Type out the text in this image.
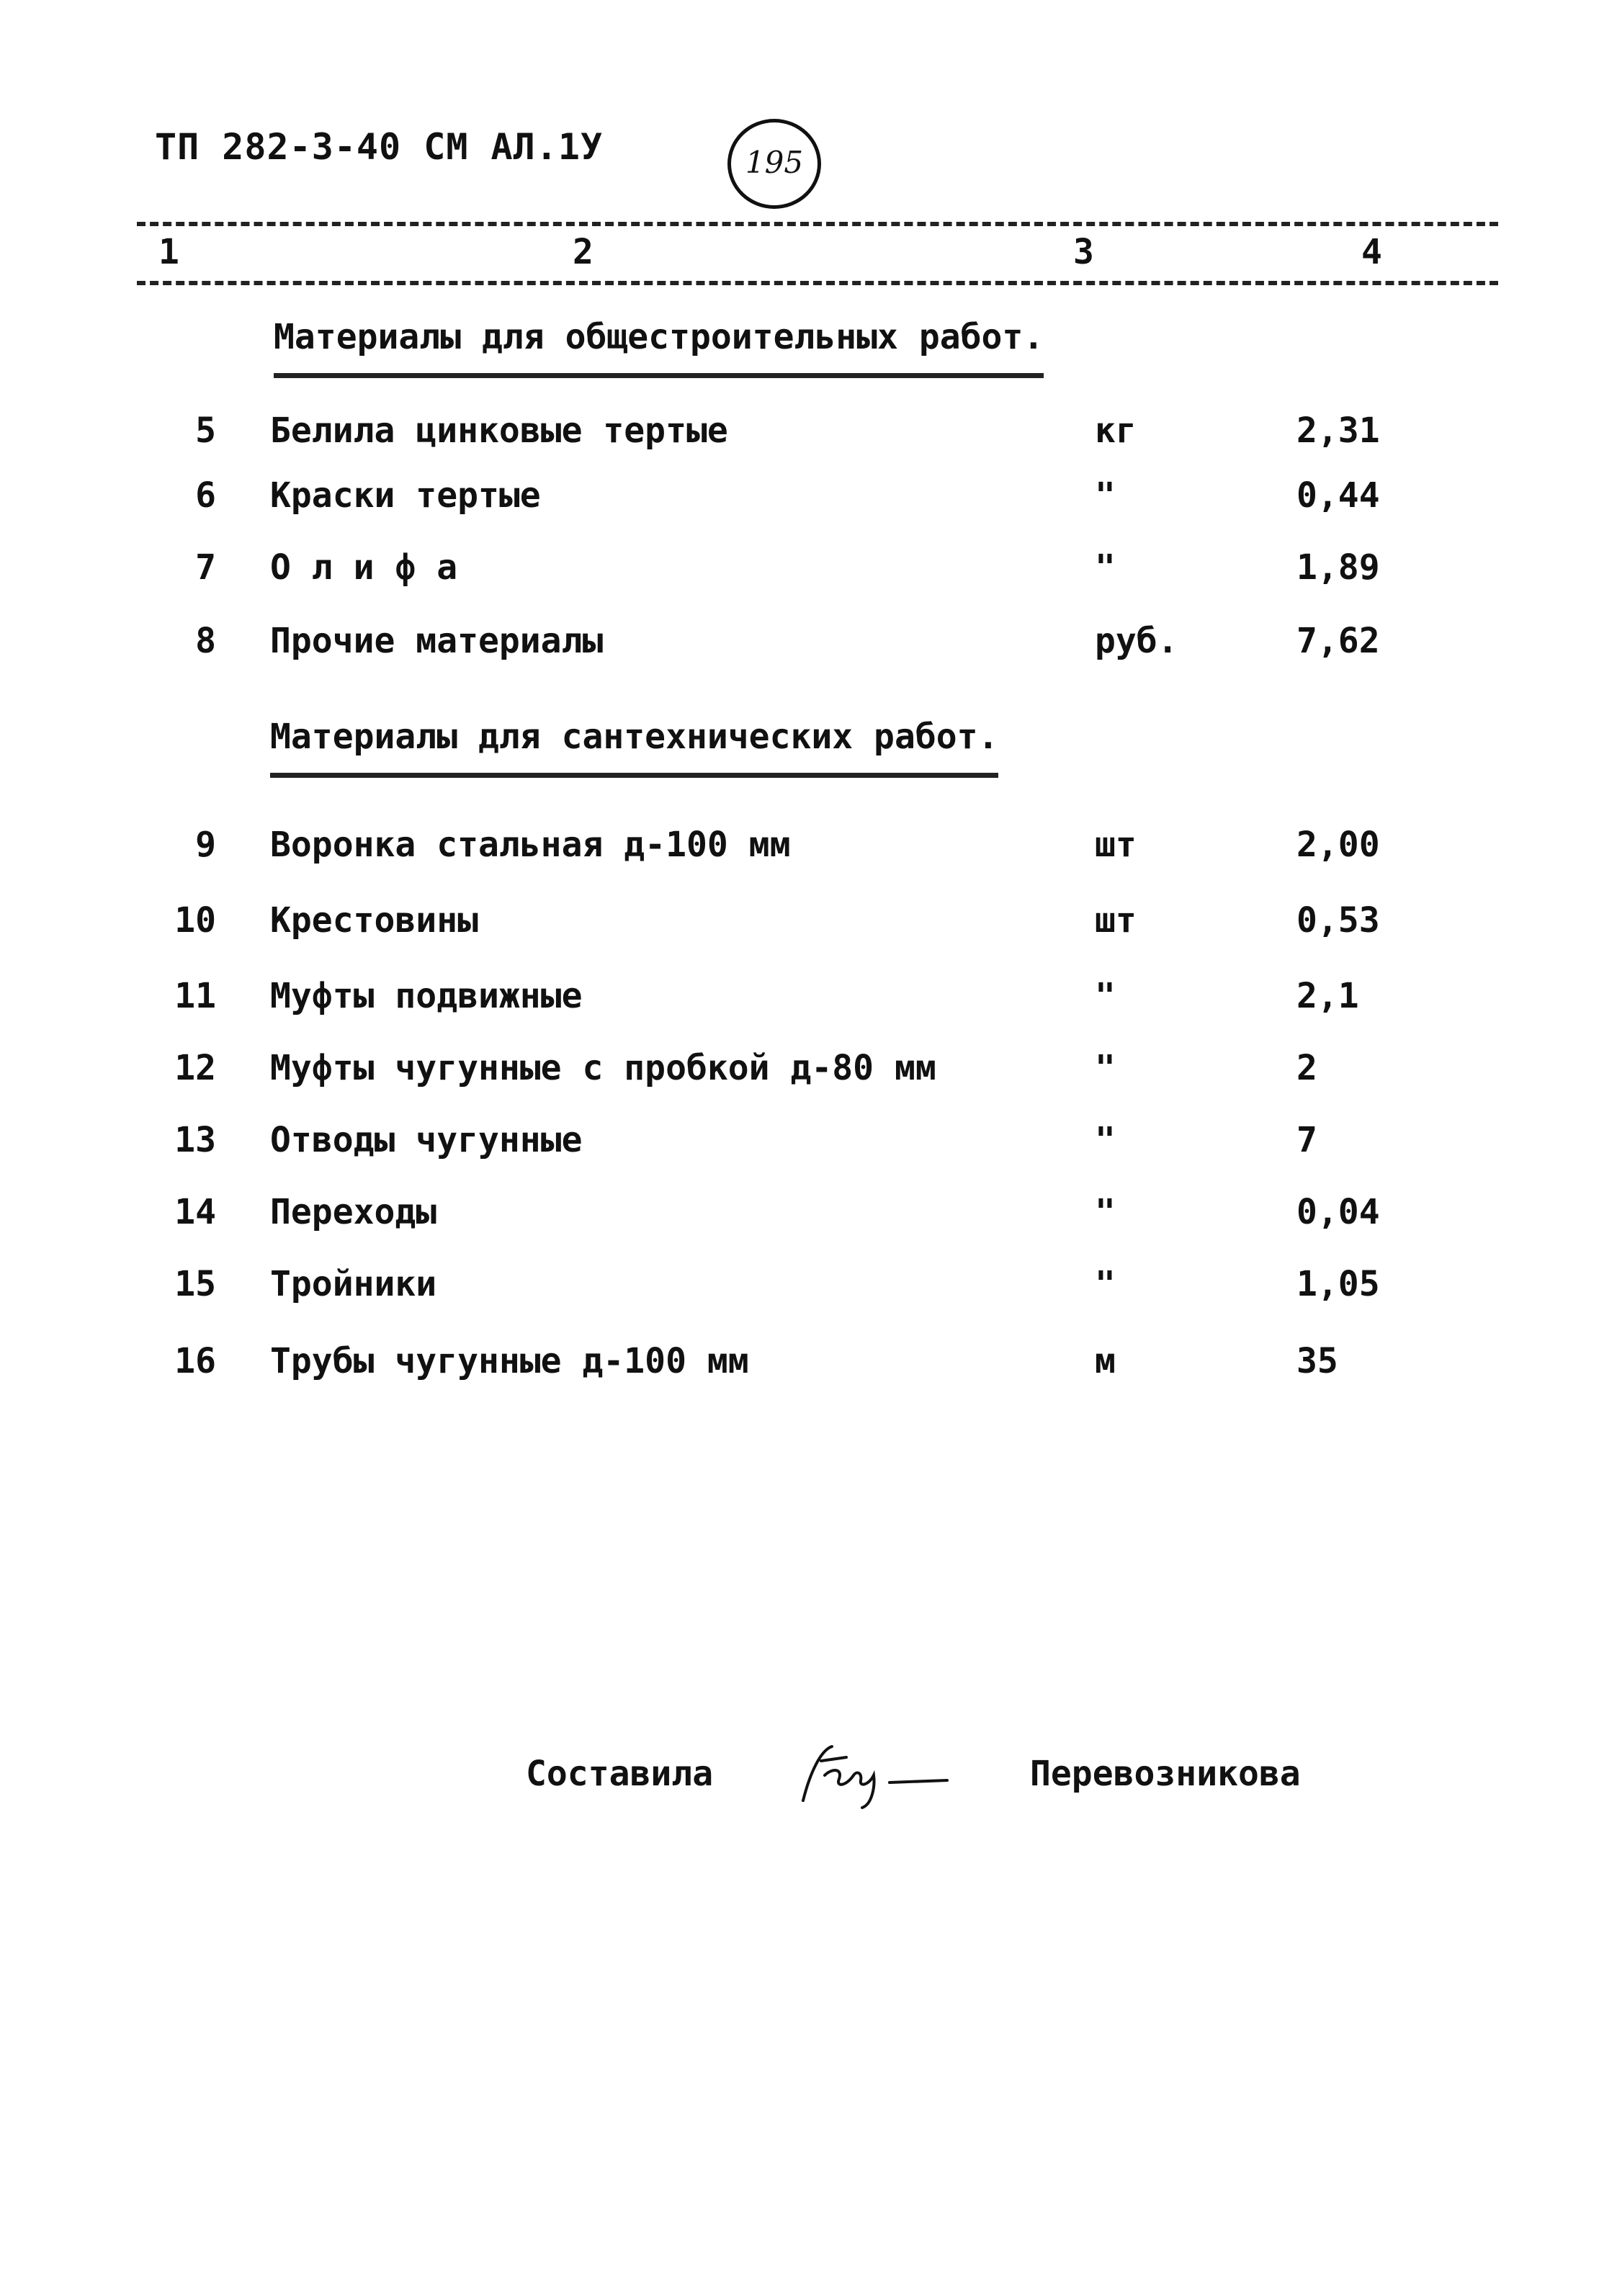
ТП 282-3-40 СМ АЛ.1У	195
1	2	3	4
Материалы для общестроительных работ.
5 Белила цинковые тертые	кг	2,31
6 Краски тертые	"	0,44
7 О л и ф а	"	1,89
8 Прочие материалы	руб.	7,62
Материалы для сантехнических работ.
9 Воронка стальная д-100 мм	шт	2,00
10 Крестовины	шт	0,53
11 Муфты подвижные	"	2,1
12 Муфты чугунные с пробкой д-80 мм	"	2
13 Отводы чугунные	"	7
14 Переходы	"	0,04
15 Тройники	"	1,05
16 Трубы чугунные д-100 мм	м	35
Составила	Перевозникова
